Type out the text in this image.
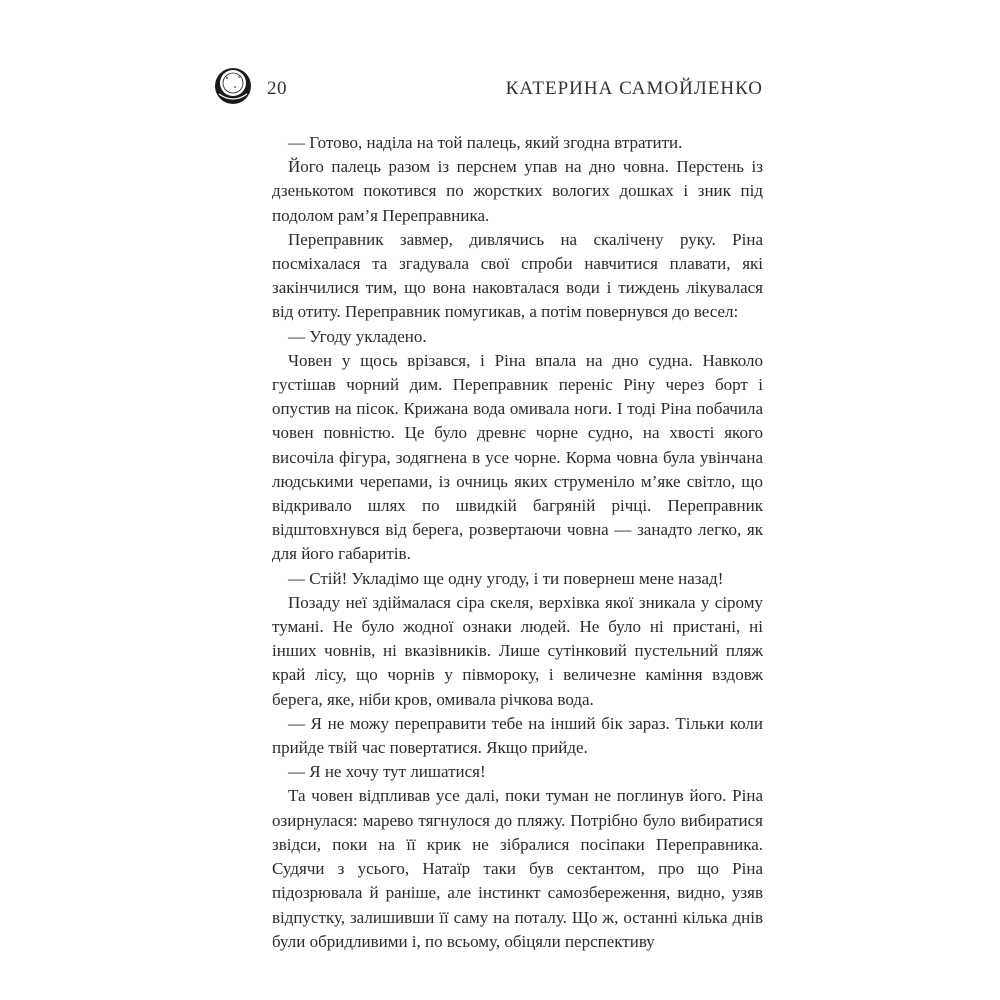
20	КАТЕРИНА САМОЙЛЕНКО

— Готово, наділа на той палець, який згодна втратити.

Його палець разом із перснем упав на дно човна. Перстень із дзенькотом покотився по жорстких вологих дошках і зник під подолом рам’я Переправника.

Переправник завмер, дивлячись на скалічену руку. Ріна посміхалася та згадувала свої спроби навчитися плавати, які закінчилися тим, що вона наковталася води і тиждень лікувалася від отиту. Переправник помугикав, а потім повернувся до весел:

— Угоду укладено.

Човен у щось врізався, і Ріна впала на дно судна. Навколо густішав чорний дим. Переправник переніс Ріну через борт і опустив на пісок. Крижана вода омивала ноги. І тоді Ріна побачила човен повністю. Це було древнє чорне судно, на хвості якого височіла фігура, зодягнена в усе чорне. Корма човна була увінчана людськими черепами, із очниць яких струменіло м’яке світло, що відкривало шлях по швидкій багряній річці. Переправник відштовхнувся від берега, розвертаючи човна — занадто легко, як для його габаритів.

— Стій! Укладімо ще одну угоду, і ти повернеш мене назад!

Позаду неї здіймалася сіра скеля, верхівка якої зникала у сірому тумані. Не було жодної ознаки людей. Не було ні пристані, ні інших човнів, ні вказівників. Лише сутінковий пустельний пляж край лісу, що чорнів у півмороку, і величезне каміння вздовж берега, яке, ніби кров, омивала річкова вода.

— Я не можу переправити тебе на інший бік зараз. Тільки коли прийде твій час повертатися. Якщо прийде.

— Я не хочу тут лишатися!

Та човен відпливав усе далі, поки туман не поглинув його. Ріна озирнулася: марево тягнулося до пляжу. Потрібно було вибиратися звідси, поки на її крик не зібралися посіпаки Переправника. Судячи з усього, Натаїр таки був сектантом, про що Ріна підозрювала й раніше, але інстинкт самозбереження, видно, узяв відпустку, залишивши її саму на поталу. Що ж, останні кілька днів були обридливими і, по всьому, обіцяли перспективу
